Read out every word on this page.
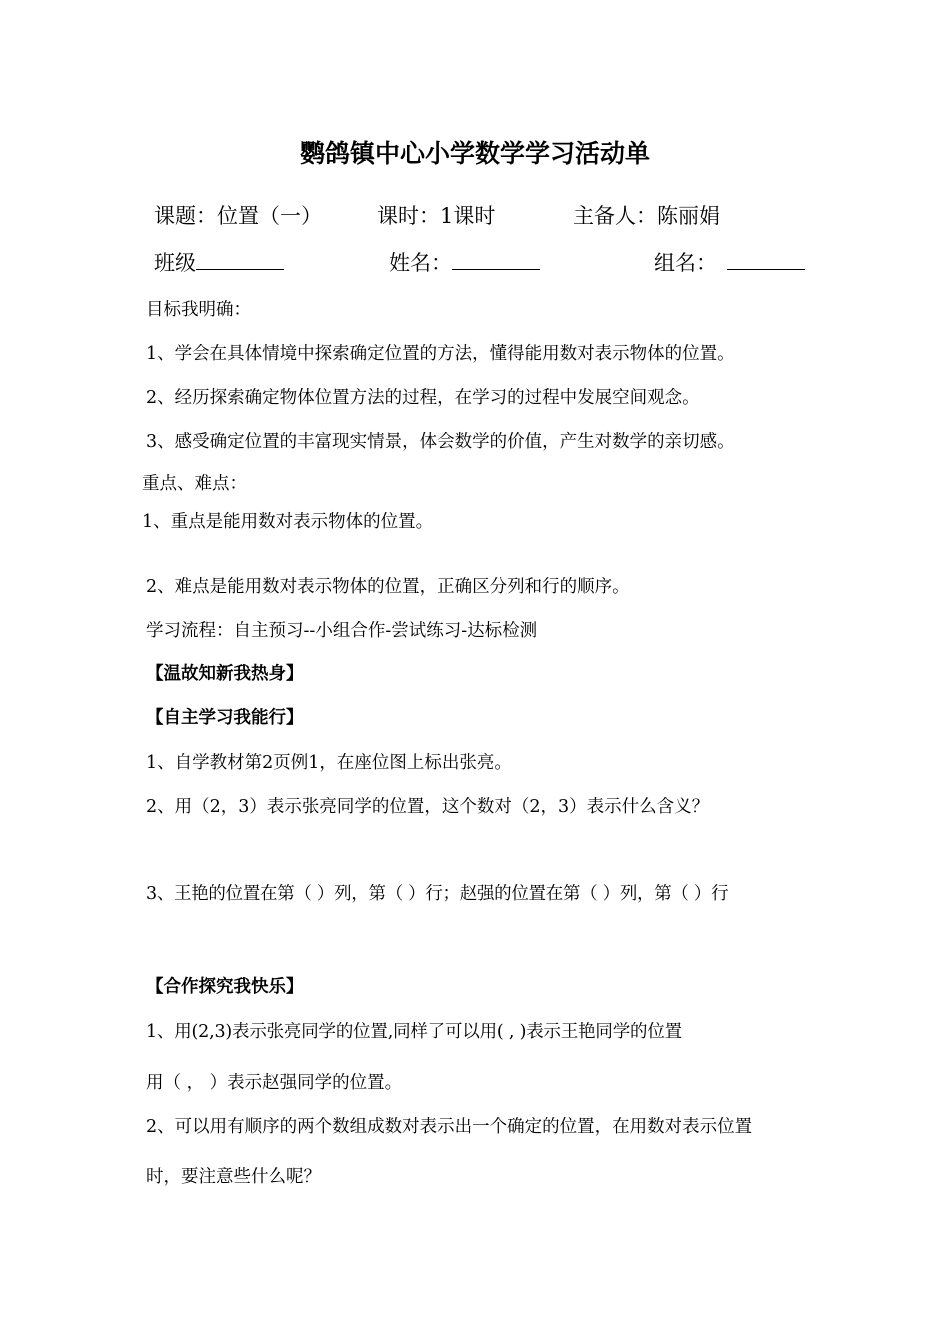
鹦鸽镇中心小学数学学习活动单
课题：位置（一）	课时：1课时	主备人：陈丽娟
班级	姓名：	组名：
目标我明确：
1、学会在具体情境中探索确定位置的方法，懂得能用数对表示物体的位置。
2、经历探索确定物体位置方法的过程，在学习的过程中发展空间观念。
3、感受确定位置的丰富现实情景，体会数学的价值，产生对数学的亲切感。
重点、难点：
1、重点是能用数对表示物体的位置。
2、难点是能用数对表示物体的位置，正确区分列和行的顺序。
学习流程：自主预习--小组合作-尝试练习-达标检测
【温故知新我热身】
【自主学习我能行】
1、自学教材第2页例1，在座位图上标出张亮。
2、用（2，3）表示张亮同学的位置，这个数对（2，3）表示什么含义？
3、王艳的位置在第（ ）列，第（ ）行；赵强的位置在第（ ）列，第（ ）行
【合作探究我快乐】
1、用(2,3)表示张亮同学的位置,同样了可以用( , )表示王艳同学的位置
用（ ， ）表示赵强同学的位置。
2、可以用有顺序的两个数组成数对表示出一个确定的位置，在用数对表示位置
时，要注意些什么呢？
